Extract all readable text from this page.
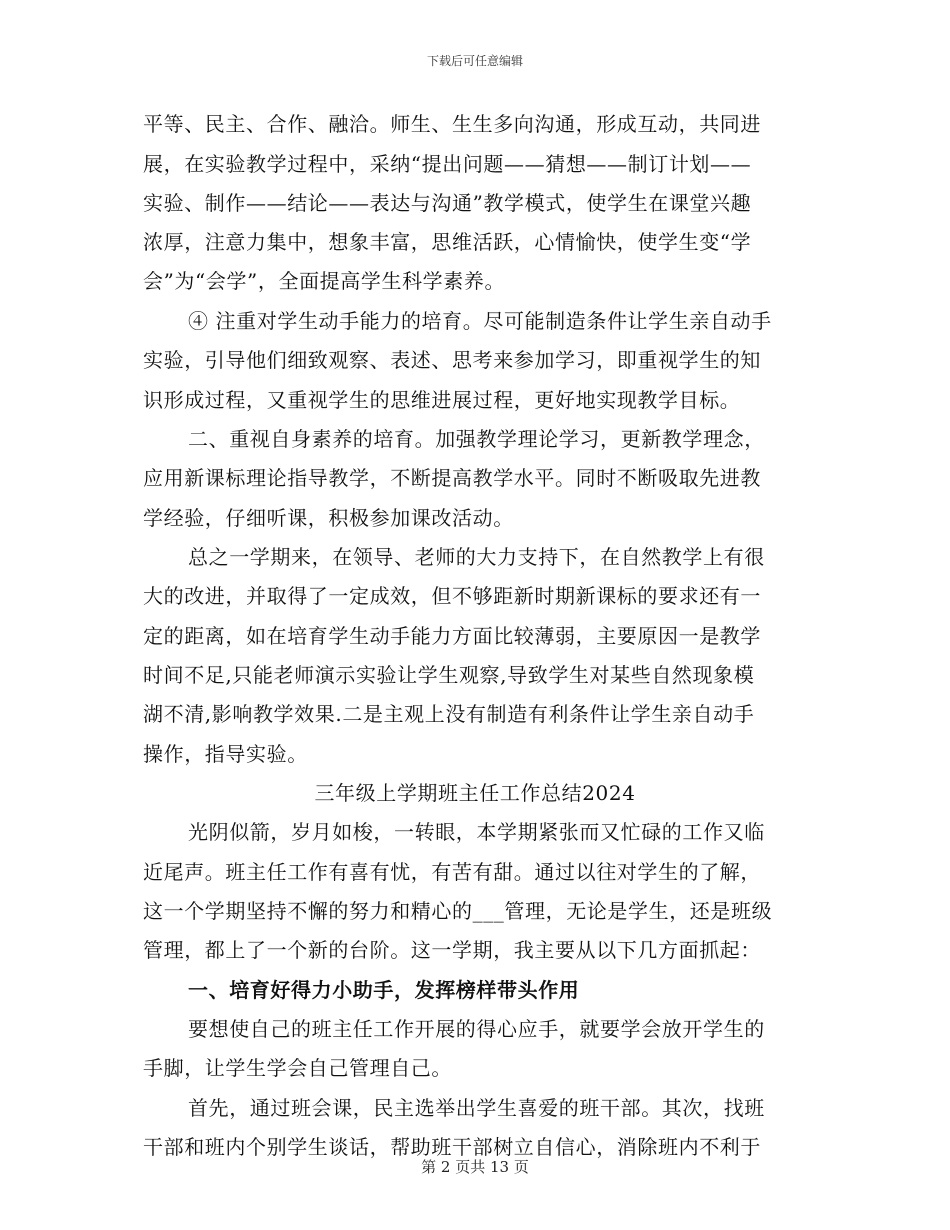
下载后可任意编辑
平等、民主、合作、融洽。师生、生生多向沟通，形成互动，共同进
展，在实验教学过程中，采纳“提出问题——猜想——制订计划——
实验、制作——结论——表达与沟通”教学模式，使学生在课堂兴趣
浓厚，注意力集中，想象丰富，思维活跃，心情愉快，使学生变“学
会”为“会学”，全面提高学生科学素养。
④ 注重对学生动手能力的培育。尽可能制造条件让学生亲自动手
实验，引导他们细致观察、表述、思考来参加学习，即重视学生的知
识形成过程，又重视学生的思维进展过程，更好地实现教学目标。
二、重视自身素养的培育。加强教学理论学习，更新教学理念，
应用新课标理论指导教学，不断提高教学水平。同时不断吸取先进教
学经验，仔细听课，积极参加课改活动。
总之一学期来，在领导、老师的大力支持下，在自然教学上有很
大的改进，并取得了一定成效，但不够距新时期新课标的要求还有一
定的距离，如在培育学生动手能力方面比较薄弱，主要原因一是教学
时间不足,只能老师演示实验让学生观察,导致学生对某些自然现象模
湖不清,影响教学效果.二是主观上没有制造有利条件让学生亲自动手
操作，指导实验。
三年级上学期班主任工作总结2024
光阴似箭，岁月如梭，一转眼，本学期紧张而又忙碌的工作又临
近尾声。班主任工作有喜有忧，有苦有甜。通过以往对学生的了解，
这一个学期坚持不懈的努力和精心的___管理，无论是学生，还是班级
管理，都上了一个新的台阶。这一学期，我主要从以下几方面抓起：
一、培育好得力小助手，发挥榜样带头作用
要想使自己的班主任工作开展的得心应手，就要学会放开学生的
手脚，让学生学会自己管理自己。
首先，通过班会课，民主选举出学生喜爱的班干部。其次，找班
干部和班内个别学生谈话，帮助班干部树立自信心，消除班内不利于
第 2 页共 13 页
